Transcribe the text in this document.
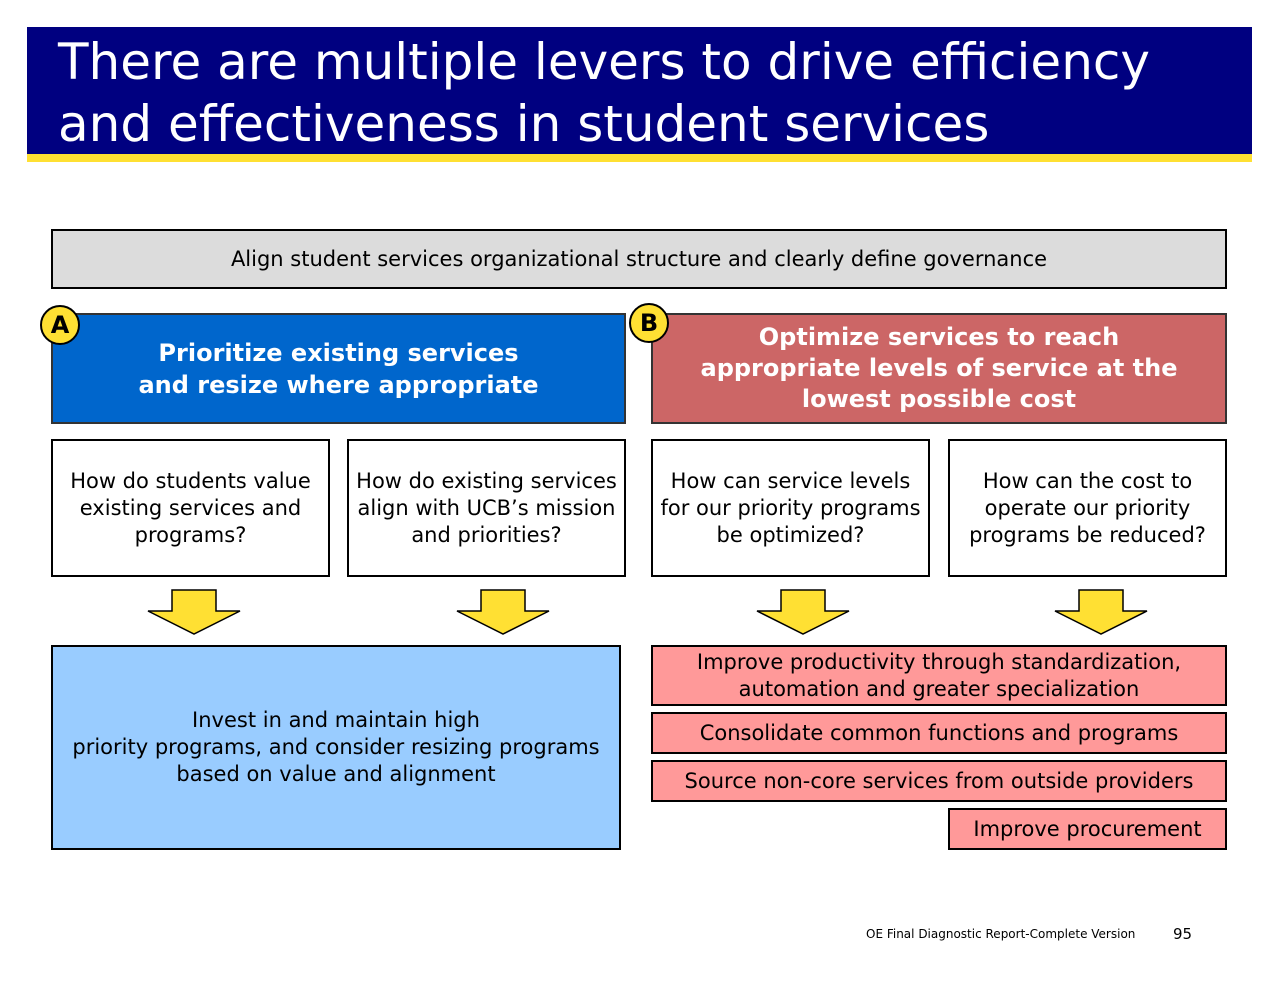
There are multiple levers to drive efficiency
and effectiveness in student services
Align student services organizational structure and clearly define governance
Prioritize existing services
and resize where appropriate
A	Optimize services to reach
appropriate levels of service at the lowest possible cost
B
How do students value existing services and programs?
How do existing services align with UCB’s mission and priorities?
How can service levels for our priority programs be optimized?
How can the cost to operate our priority programs be reduced?
Invest in and maintain high
priority programs, and consider resizing programs based on value and alignment
Improve productivity through standardization,
automation and greater specialization
Consolidate common functions and programs
Source non-core services from outside providers
Improve procurement
OE Final Diagnostic Report-Complete Version	95
